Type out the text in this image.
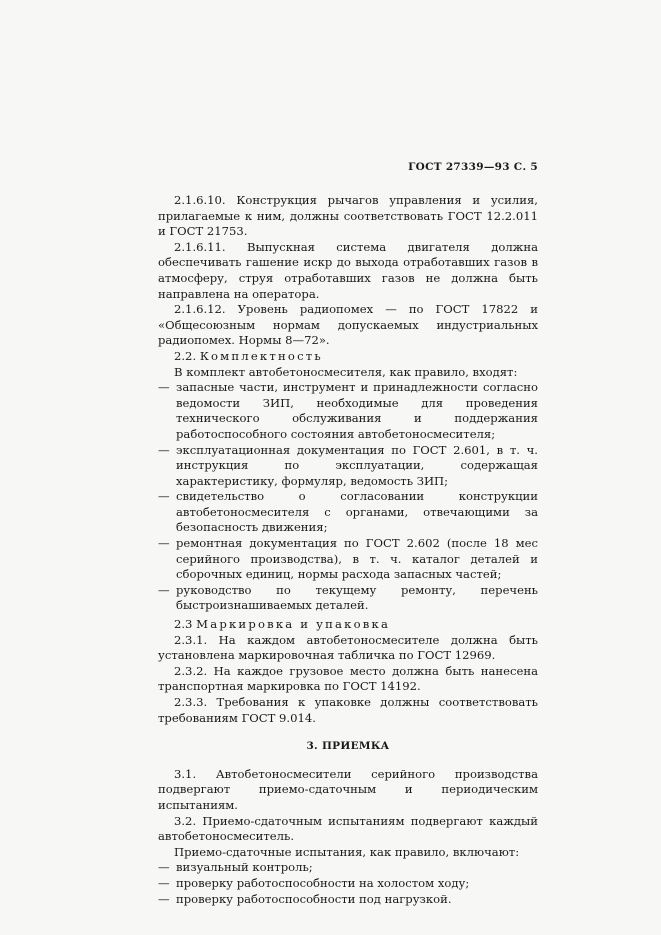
ГОСТ 27339—93 С. 5

2.1.6.10. Конструкция рычагов управления и усилия, прилагаемые к ним, должны соответствовать ГОСТ 12.2.011 и ГОСТ 21753.

2.1.6.11. Выпускная система двигателя должна обеспечивать гашение искр до выхода отработавших газов в атмосферу, струя отработавших газов не должна быть направлена на оператора.

2.1.6.12. Уровень радиопомех — по ГОСТ 17822 и «Общесоюзным нормам допускаемых индустриальных радиопомех. Нормы 8—72».

2.2. Комплектность

В комплект автобетоносмесителя, как правило, входят:

— запасные части, инструмент и принадлежности согласно ведомости ЗИП, необходимые для проведения технического обслуживания и поддержания работоспособного состояния автобетоносмесителя;
— эксплуатационная документация по ГОСТ 2.601, в т. ч. инструкция по эксплуатации, содержащая характеристику, формуляр, ведомость ЗИП;
— свидетельство о согласовании конструкции автобетоносмесителя с органами, отвечающими за безопасность движения;
— ремонтная документация по ГОСТ 2.602 (после 18 мес серийного производства), в т. ч. каталог деталей и сборочных единиц, нормы расхода запасных частей;
— руководство по текущему ремонту, перечень быстроизнашиваемых деталей.

2.3 Маркировка и упаковка

2.3.1. На каждом автобетоносмесителе должна быть установлена маркировочная табличка по ГОСТ 12969.

2.3.2. На каждое грузовое место должна быть нанесена транспортная маркировка по ГОСТ 14192.

2.3.3. Требования к упаковке должны соответствовать требованиям ГОСТ 9.014.

3. ПРИЕМКА

3.1. Автобетоносмесители серийного производства подвергают приемо-сдаточным и периодическим испытаниям.

3.2. Приемо-сдаточным испытаниям подвергают каждый автобетоносмеситель.

Приемо-сдаточные испытания, как правило, включают:

— визуальный контроль;
— проверку работоспособности на холостом ходу;
— проверку работоспособности под нагрузкой.
